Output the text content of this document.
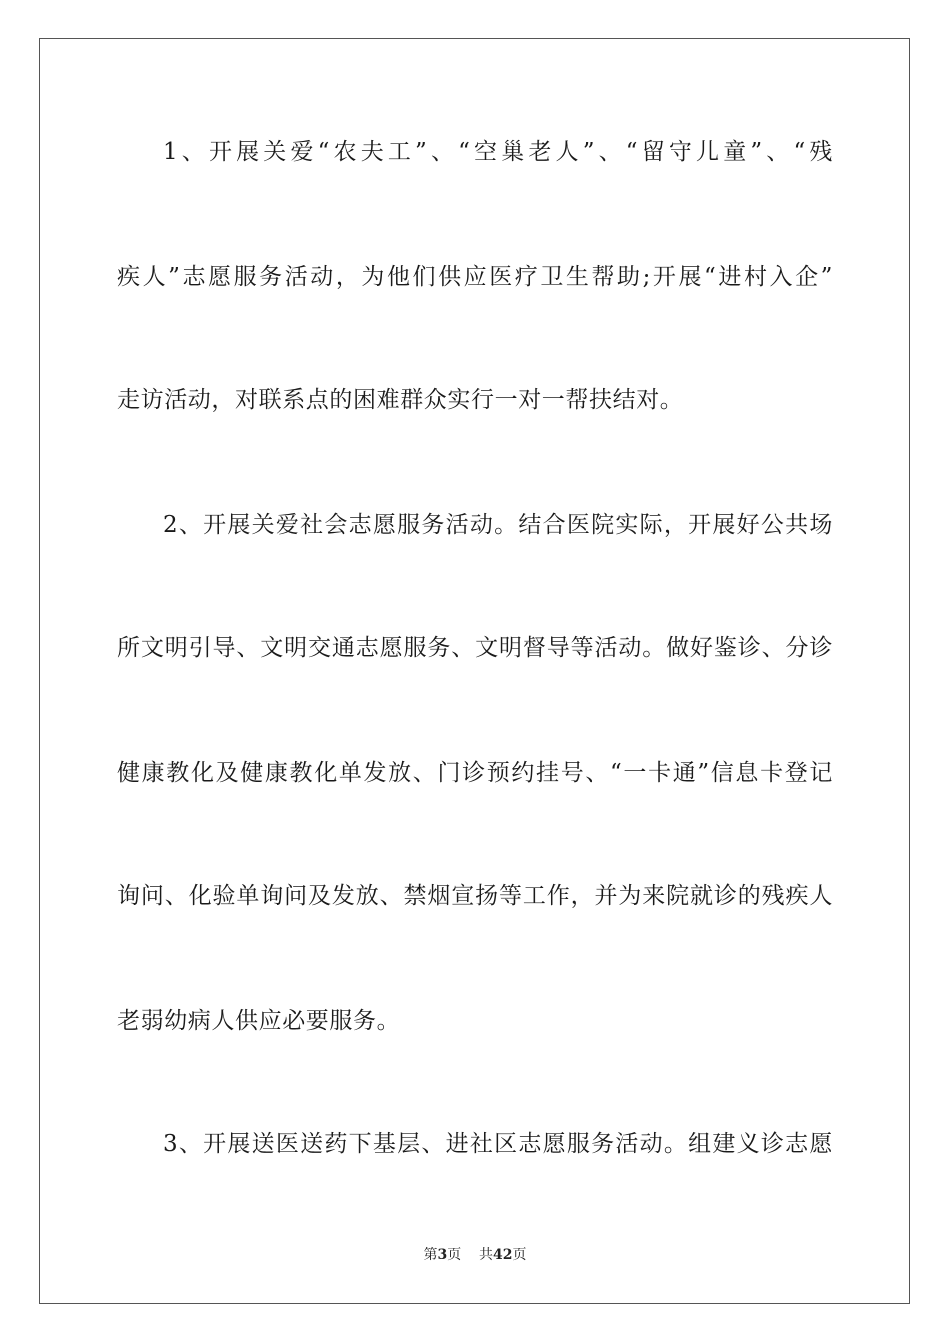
1、开展关爱“农夫工”、“空巢老人”、“留守儿童”、“残
疾人”志愿服务活动，为他们供应医疗卫生帮助;开展“进村入企”
走访活动，对联系点的困难群众实行一对一帮扶结对。
2、开展关爱社会志愿服务活动。结合医院实际，开展好公共场
所文明引导、文明交通志愿服务、文明督导等活动。做好鉴诊、分诊
健康教化及健康教化单发放、门诊预约挂号、“一卡通”信息卡登记
询问、化验单询问及发放、禁烟宣扬等工作，并为来院就诊的残疾人
老弱幼病人供应必要服务。
3、开展送医送药下基层、进社区志愿服务活动。组建义诊志愿
第3页 共42页
